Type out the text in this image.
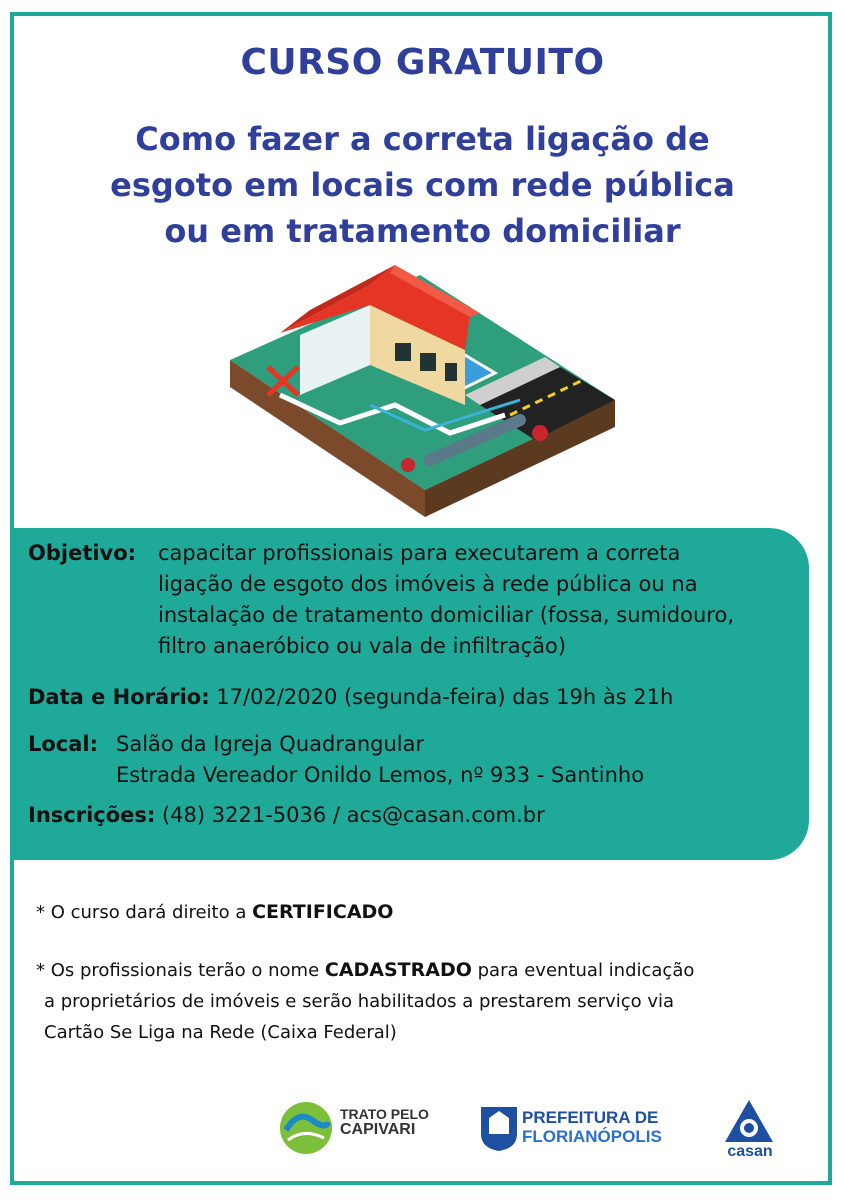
CURSO GRATUITO
Como fazer a correta ligação de
esgoto em locais com rede pública
ou em tratamento domiciliar
Objetivo: capacitar profissionais para executarem a correta
ligação de esgoto dos imóveis à rede pública ou na
instalação de tratamento domiciliar (fossa, sumidouro,
filtro anaeróbico ou vala de infiltração)
Data e Horário: 17/02/2020 (segunda-feira) das 19h às 21h
Local: Salão da Igreja Quadrangular
Estrada Vereador Onildo Lemos, nº 933 - Santinho
Inscrições: (48) 3221-5036 / acs@casan.com.br
* O curso dará direito a CERTIFICADO
* Os profissionais terão o nome CADASTRADO para eventual indicação
a proprietários de imóveis e serão habilitados a prestarem serviço via
Cartão Se Liga na Rede (Caixa Federal)
TRATO PELO
CAPIVARI
PREFEITURA DE
FLORIANÓPOLIS
casan
